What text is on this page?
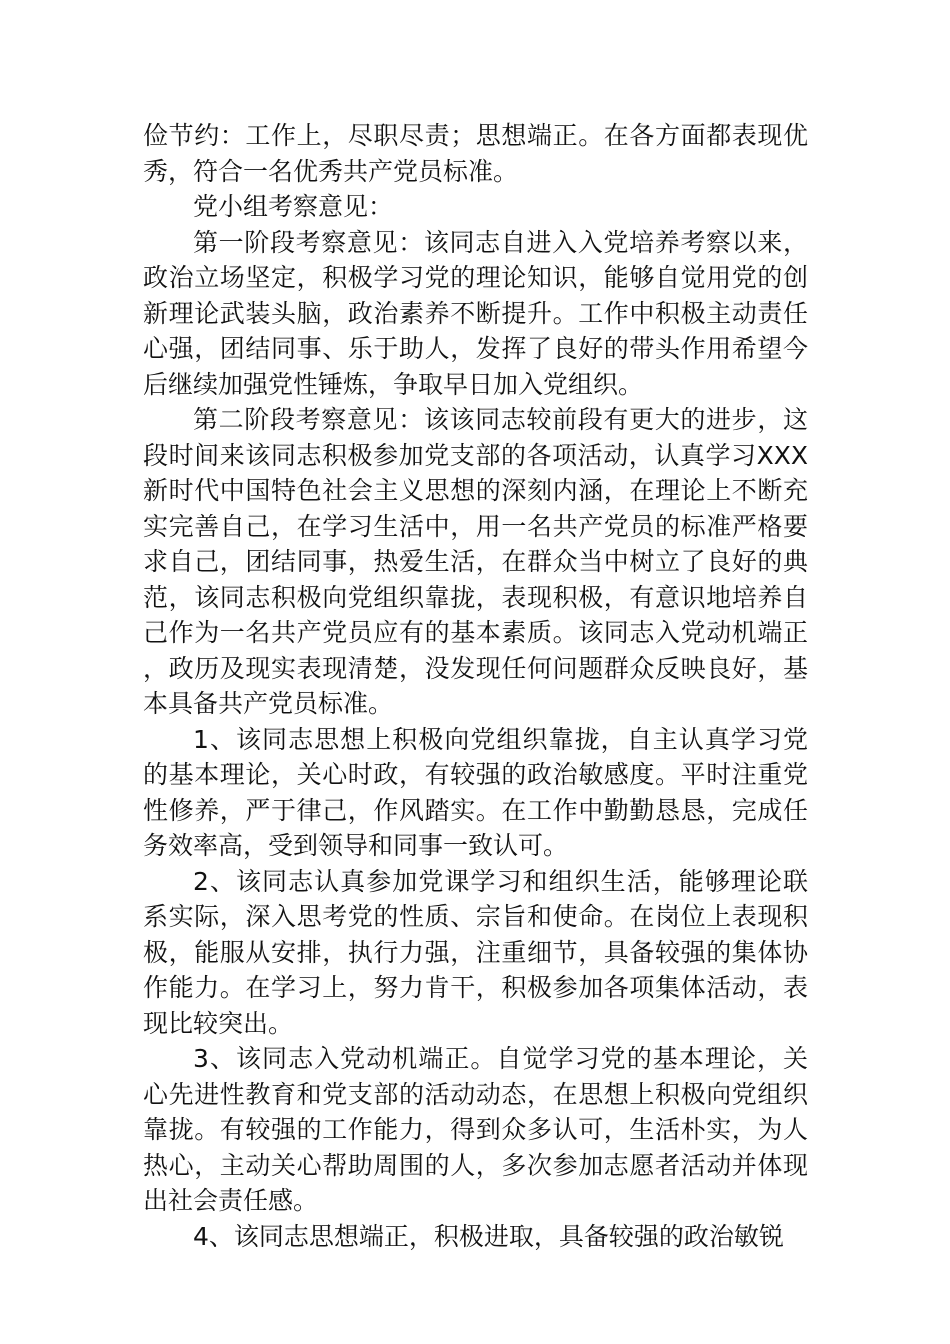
俭节约：工作上，尽职尽责；思想端正。在各方面都表现优秀，符合一名优秀共产党员标准。

党小组考察意见：

第一阶段考察意见：该同志自进入入党培养考察以来，政治立场坚定，积极学习党的理论知识，能够自觉用党的创新理论武装头脑，政治素养不断提升。工作中积极主动责任心强，团结同事、乐于助人，发挥了良好的带头作用希望今后继续加强党性锤炼，争取早日加入党组织。

第二阶段考察意见：该该同志较前段有更大的进步，这段时间来该同志积极参加党支部的各项活动，认真学习XXX新时代中国特色社会主义思想的深刻内涵，在理论上不断充实完善自己，在学习生活中，用一名共产党员的标准严格要求自己，团结同事，热爱生活，在群众当中树立了良好的典范，该同志积极向党组织靠拢，表现积极，有意识地培养自己作为一名共产党员应有的基本素质。该同志入党动机端正，政历及现实表现清楚，没发现任何问题群众反映良好，基本具备共产党员标准。

1、该同志思想上积极向党组织靠拢，自主认真学习党的基本理论，关心时政，有较强的政治敏感度。平时注重党性修养，严于律己，作风踏实。在工作中勤勤恳恳，完成任务效率高，受到领导和同事一致认可。

2、该同志认真参加党课学习和组织生活，能够理论联系实际，深入思考党的性质、宗旨和使命。在岗位上表现积极，能服从安排，执行力强，注重细节，具备较强的集体协作能力。在学习上，努力肯干，积极参加各项集体活动，表现比较突出。

3、该同志入党动机端正。自觉学习党的基本理论，关心先进性教育和党支部的活动动态，在思想上积极向党组织靠拢。有较强的工作能力，得到众多认可，生活朴实，为人热心，主动关心帮助周围的人，多次参加志愿者活动并体现出社会责任感。

4、该同志思想端正，积极进取，具备较强的政治敏锐
